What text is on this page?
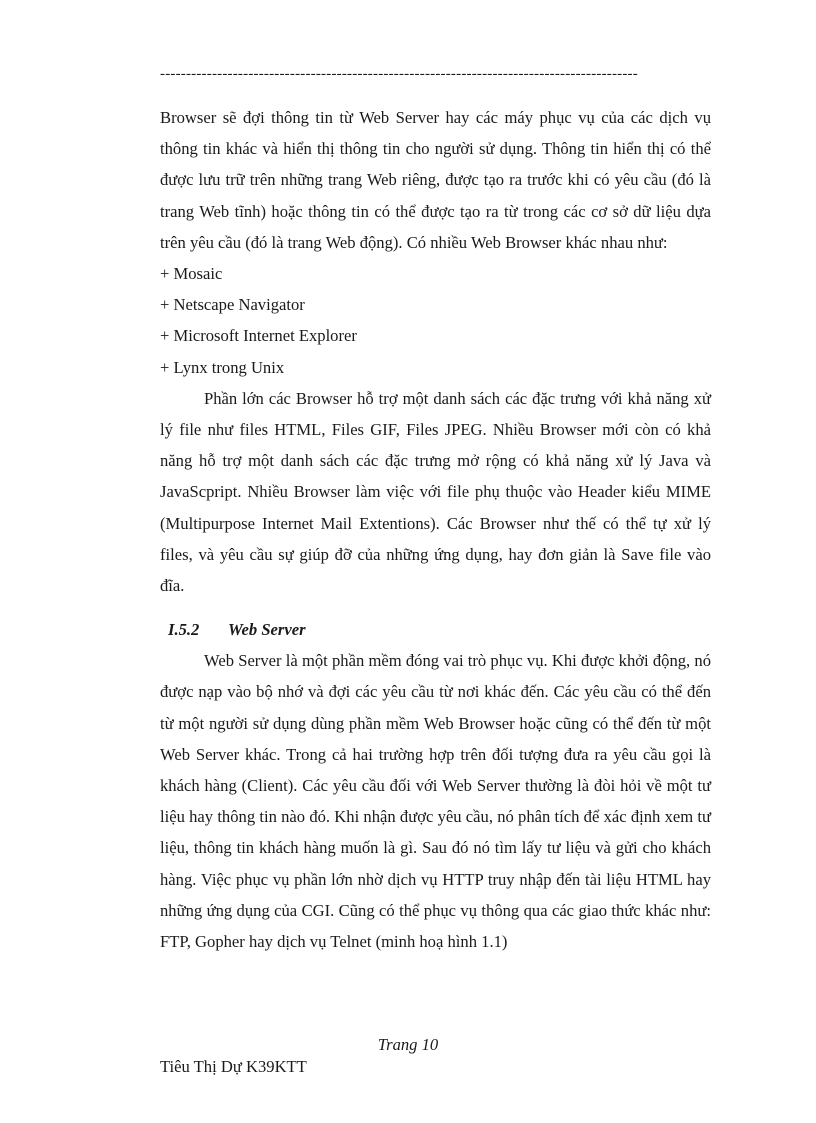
--------------------------------------------------------------------------------------------

Browser sẽ đợi thông tin từ Web Server hay các máy phục vụ của các dịch vụ thông tin khác và hiển thị thông tin cho người sử dụng. Thông tin hiển thị có thể được lưu trữ trên những trang Web riêng, được tạo ra trước khi có yêu cầu (đó là trang Web tĩnh) hoặc thông tin có thể được tạo ra từ trong các cơ sở dữ liệu dựa trên yêu cầu (đó là trang Web động). Có nhiều Web Browser khác nhau như:

+ Mosaic

+ Netscape Navigator

+ Microsoft Internet Explorer

+ Lynx trong Unix

Phần lớn các Browser hỗ trợ một danh sách các đặc trưng với khả năng xử lý file như files HTML, Files GIF, Files JPEG. Nhiều Browser mới còn có khả năng hỗ trợ một danh sách các đặc trưng mở rộng có khả năng xử lý Java và JavaScpript. Nhiều Browser làm việc với file phụ thuộc vào Header kiểu MIME (Multipurpose Internet Mail Extentions). Các Browser như thế có thể tự xử lý files, và yêu cầu sự giúp đỡ của những ứng dụng, hay đơn giản là Save file vào đĩa.

I.5.2 Web Server

Web Server là một phần mềm đóng vai trò phục vụ. Khi được khởi động, nó được nạp vào bộ nhớ và đợi các yêu cầu từ nơi khác đến. Các yêu cầu có thể đến từ một người sử dụng dùng phần mềm Web Browser hoặc cũng có thể đến từ một Web Server khác. Trong cả hai trường hợp trên đối tượng đưa ra yêu cầu gọi là khách hàng (Client). Các yêu cầu đối với Web Server thường là đòi hỏi về một tư liệu hay thông tin nào đó. Khi nhận được yêu cầu, nó phân tích để xác định xem tư liệu, thông tin khách hàng muốn là gì. Sau đó nó tìm lấy tư liệu và gửi cho khách hàng. Việc phục vụ phần lớn nhờ dịch vụ HTTP truy nhập đến tài liệu HTML hay những ứng dụng của CGI. Cũng có thể phục vụ thông qua các giao thức khác như: FTP, Gopher hay dịch vụ Telnet (minh hoạ hình 1.1)

Trang 10
Tiêu Thị Dự K39KTT
